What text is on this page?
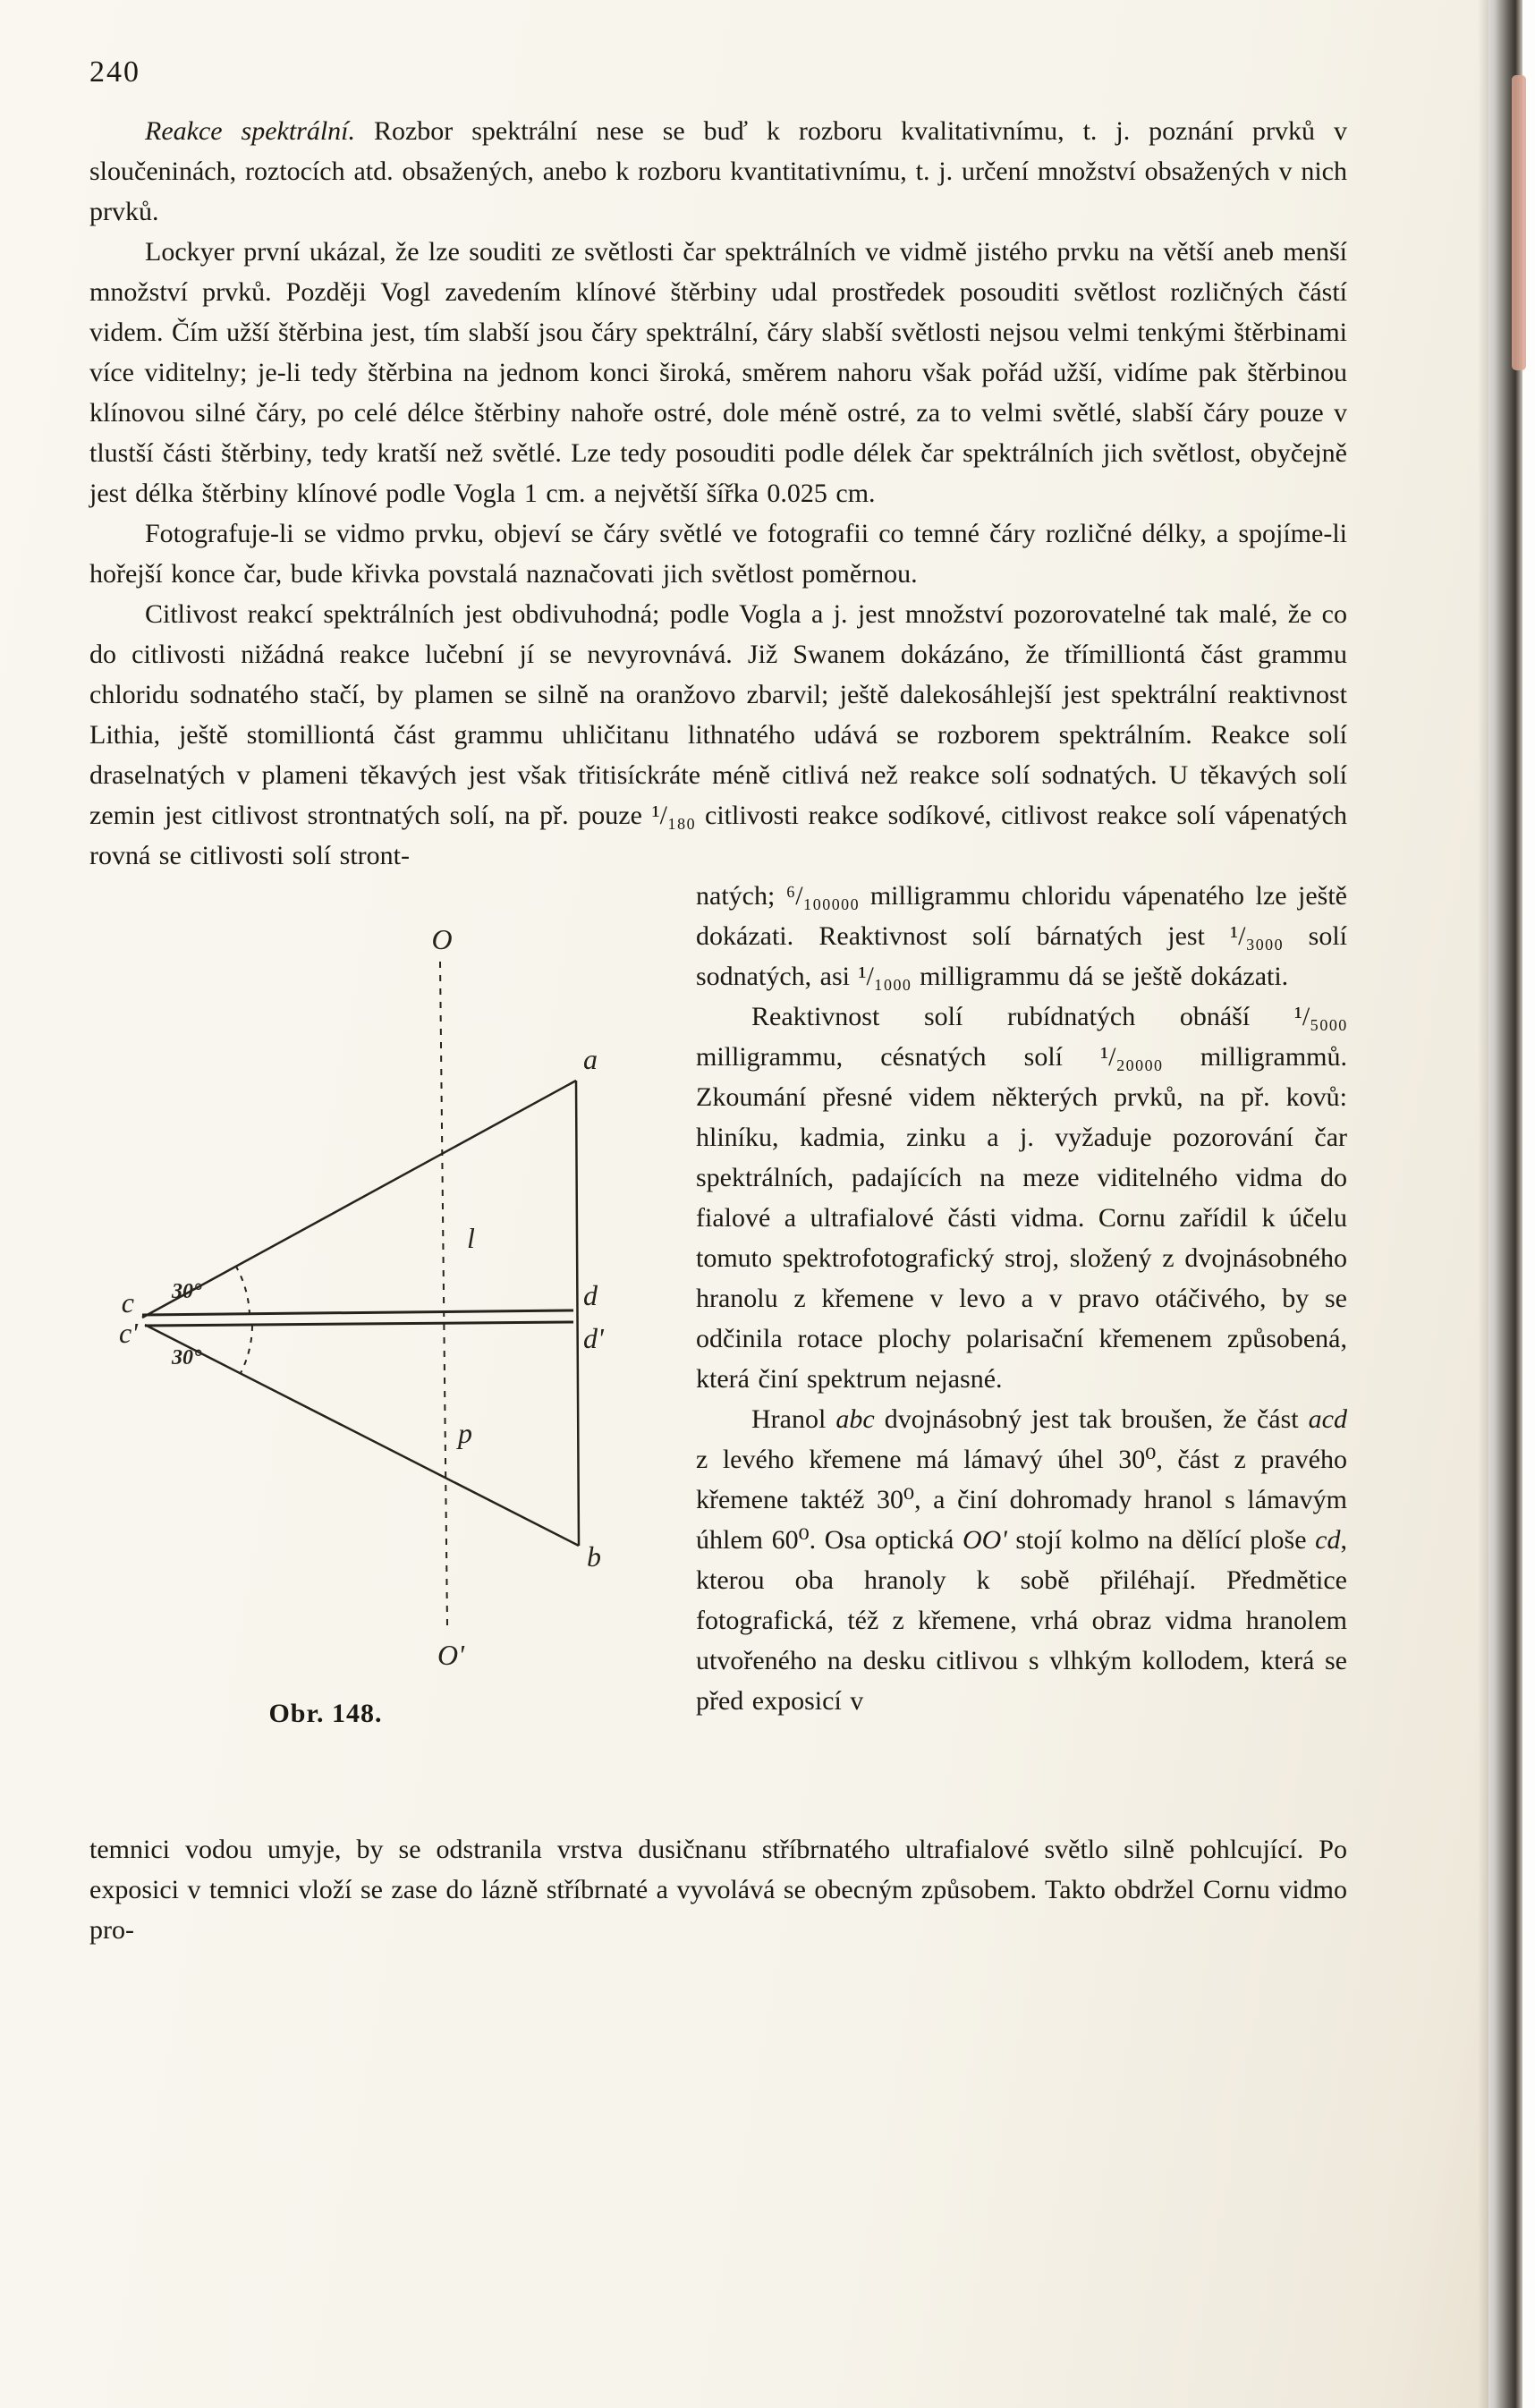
240

Reakce spektrální. Rozbor spektrální nese se buď k rozboru kvalitativnímu, t. j. poznání prvků v sloučeninách, roztocích atd. obsažených, anebo k rozboru kvantitativnímu, t. j. určení množství obsažených v nich prvků.

Lockyer první ukázal, že lze souditi ze světlosti čar spektrálních ve vidmě jistého prvku na větší aneb menší množství prvků. Později Vogl zavedením klínové štěrbiny udal prostředek posouditi světlost rozličných částí videm. Čím užší štěrbina jest, tím slabší jsou čáry spektrální, čáry slabší světlosti nejsou velmi tenkými štěrbinami více viditelny; je-li tedy štěrbina na jednom konci široká, směrem nahoru však pořád užší, vidíme pak štěrbinou klínovou silné čáry, po celé délce štěrbiny nahoře ostré, dole méně ostré, za to velmi světlé, slabší čáry pouze v tlustší části štěrbiny, tedy kratší než světlé. Lze tedy posouditi podle délek čar spektrálních jich světlost, obyčejně jest délka štěrbiny klínové podle Vogla 1 cm. a největší šířka 0.025 cm.

Fotografuje-li se vidmo prvku, objeví se čáry světlé ve fotografii co temné čáry rozličné délky, a spojíme-li hořejší konce čar, bude křivka povstalá naznačovati jich světlost poměrnou.

Citlivost reakcí spektrálních jest obdivuhodná; podle Vogla a j. jest množství pozorovatelné tak malé, že co do citlivosti nižádná reakce lučební jí se nevyrovnává. Již Swanem dokázáno, že třímilliontá část grammu chloridu sodnatého stačí, by plamen se silně na oranžovo zbarvil; ještě dalekosáhlejší jest spektrální reaktivnost Lithia, ještě stomilliontá část grammu uhličitanu lithnatého udává se rozborem spektrálním. Reakce solí draselnatých v plameni těkavých jest však třitisíckráte méně citlivá než reakce solí sodnatých. U těkavých solí zemin jest citlivost strontnatých solí, na př. pouze ¹/₁₈₀ citlivosti reakce sodíkové, citlivost reakce solí vápenatých rovná se citlivosti solí stront-

O
O'
a
b
c
c'
d
d'
l
p
30°
30°
Obr. 148.

natých; ⁶/₁₀₀₀₀₀ milligrammu chloridu vápenatého lze ještě dokázati. Reaktivnost solí bárnatých jest ¹/₃₀₀₀ solí sodnatých, asi ¹/₁₀₀₀ milligrammu dá se ještě dokázati.

Reaktivnost solí rubídnatých obnáší ¹/₅₀₀₀ milligrammu, césnatých solí ¹/₂₀₀₀₀ milligrammů. Zkoumání přesné videm některých prvků, na př. kovů: hliníku, kadmia, zinku a j. vyžaduje pozorování čar spektrálních, padajících na meze viditelného vidma do fialové a ultrafialové části vidma. Cornu zařídil k účelu tomuto spektrofotografický stroj, složený z dvojnásobného hranolu z křemene v levo a v pravo otáčivého, by se odčinila rotace plochy polarisační křemenem způsobená, která činí spektrum nejasné.

Hranol abc dvojnásobný jest tak broušen, že část acd z levého křemene má lámavý úhel 30⁰, část z pravého křemene taktéž 30⁰, a činí dohromady hranol s lámavým úhlem 60⁰. Osa optická OO' stojí kolmo na dělící ploše cd, kterou oba hranoly k sobě přiléhají. Předmětice fotografická, též z křemene, vrhá obraz vidma hranolem utvořeného na desku citlivou s vlhkým kollodem, která se před exposicí v

temnici vodou umyje, by se odstranila vrstva dusičnanu stříbrnatého ultrafialové světlo silně pohlcující. Po exposici v temnici vloží se zase do lázně stříbrnaté a vyvolává se obecným způsobem. Takto obdržel Cornu vidmo pro-
